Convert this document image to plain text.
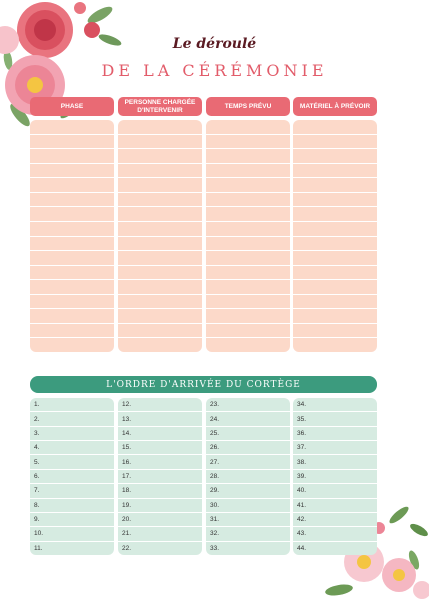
Le déroulé
DE LA CÉRÉMONIE
PHASE
PERSONNE CHARGÉE D'INTERVENIR
TEMPS PRÉVU	MATÉRIEL À PRÉVOIR
L'ORDRE D'ARRIVÉE DU CORTÈGE
1.
2.
3.
4.
5.
6.
7.
8.
9.
10.
11.
12.
13.
14.
15.
16.
17.
18.
19.
20.
21.
22.
23.
24.
25.
26.
27.
28.
29.
30.
31.
32.
33.
34.
35.
36.
37.
38.
39.
40.
41.
42.
43.
44.
